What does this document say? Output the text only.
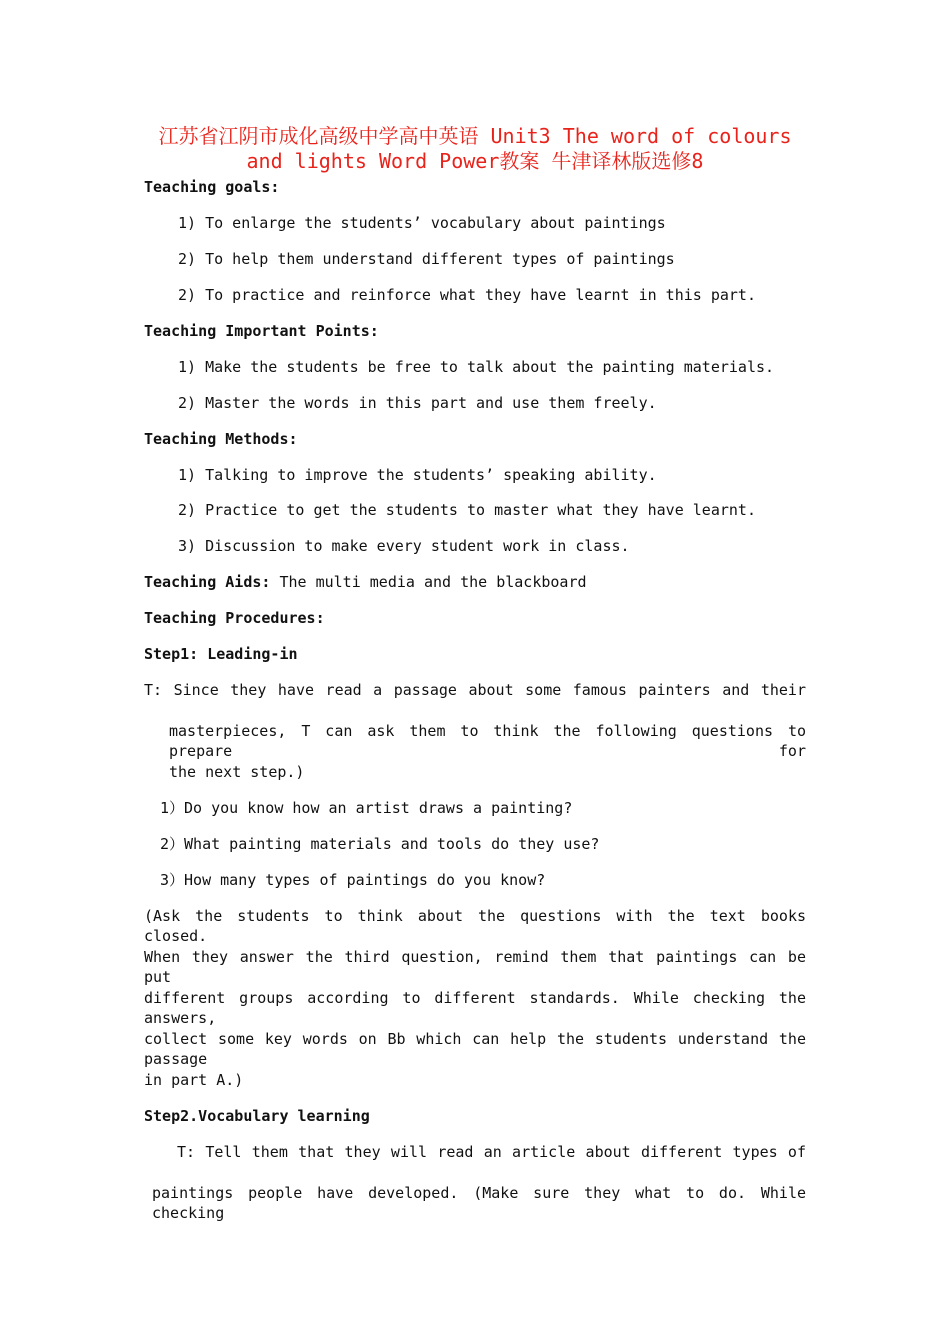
江苏省江阴市成化高级中学高中英语 Unit3 The word of colours
and lights Word Power教案 牛津译林版选修8
Teaching goals:
1) To enlarge the students’ vocabulary about paintings
2) To help them understand different types of paintings
2) To practice and reinforce what they have learnt in this part.
Teaching Important Points:
1) Make the students be free to talk about the painting materials.
2) Master the words in this part and use them freely.
Teaching Methods:
1) Talking to improve the students’ speaking ability.
2) Practice to get the students to master what they have learnt.
3) Discussion to make every student work in class.
Teaching Aids: The multi media and the blackboard
Teaching Procedures:
Step1: Leading-in
T: Since they have read a passage about some famous painters and their
masterpieces, T can ask them to think the following questions to prepare for
the next step.)
1）Do you know how an artist draws a painting?
2）What painting materials and tools do they use?
3）How many types of paintings do you know?
(Ask the students to think about the questions with the text books closed.
When they answer the third question, remind them that paintings can be put
different groups according to different standards. While checking the answers,
collect some key words on Bb which can help the students understand the passage
in part A.)
Step2.Vocabulary learning
T: Tell them that they will read an article about different types of
paintings people have developed. (Make sure they what to do. While checking
